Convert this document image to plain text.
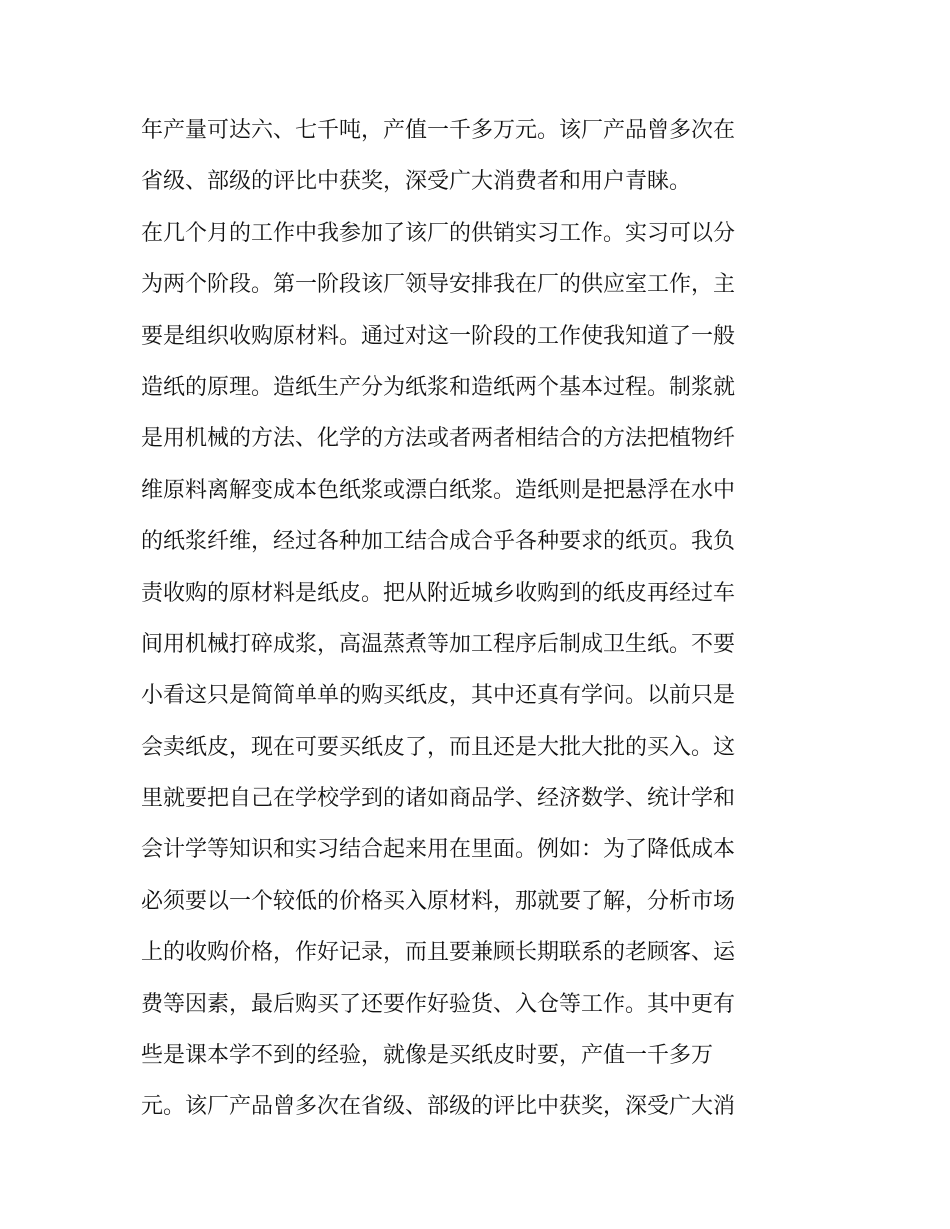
年产量可达六、七千吨，产值一千多万元。该厂产品曾多次在
省级、部级的评比中获奖，深受广大消费者和用户青睐。
在几个月的工作中我参加了该厂的供销实习工作。实习可以分
为两个阶段。第一阶段该厂领导安排我在厂的供应室工作，主
要是组织收购原材料。通过对这一阶段的工作使我知道了一般
造纸的原理。造纸生产分为纸浆和造纸两个基本过程。制浆就
是用机械的方法、化学的方法或者两者相结合的方法把植物纤
维原料离解变成本色纸浆或漂白纸浆。造纸则是把悬浮在水中
的纸浆纤维，经过各种加工结合成合乎各种要求的纸页。我负
责收购的原材料是纸皮。把从附近城乡收购到的纸皮再经过车
间用机械打碎成浆，高温蒸煮等加工程序后制成卫生纸。不要
小看这只是简简单单的购买纸皮，其中还真有学问。以前只是
会卖纸皮，现在可要买纸皮了，而且还是大批大批的买入。这
里就要把自己在学校学到的诸如商品学、经济数学、统计学和
会计学等知识和实习结合起来用在里面。例如：为了降低成本
必须要以一个较低的价格买入原材料，那就要了解，分析市场
上的收购价格，作好记录，而且要兼顾长期联系的老顾客、运
费等因素，最后购买了还要作好验货、入仓等工作。其中更有
些是课本学不到的经验，就像是买纸皮时要，产值一千多万
元。该厂产品曾多次在省级、部级的评比中获奖，深受广大消
